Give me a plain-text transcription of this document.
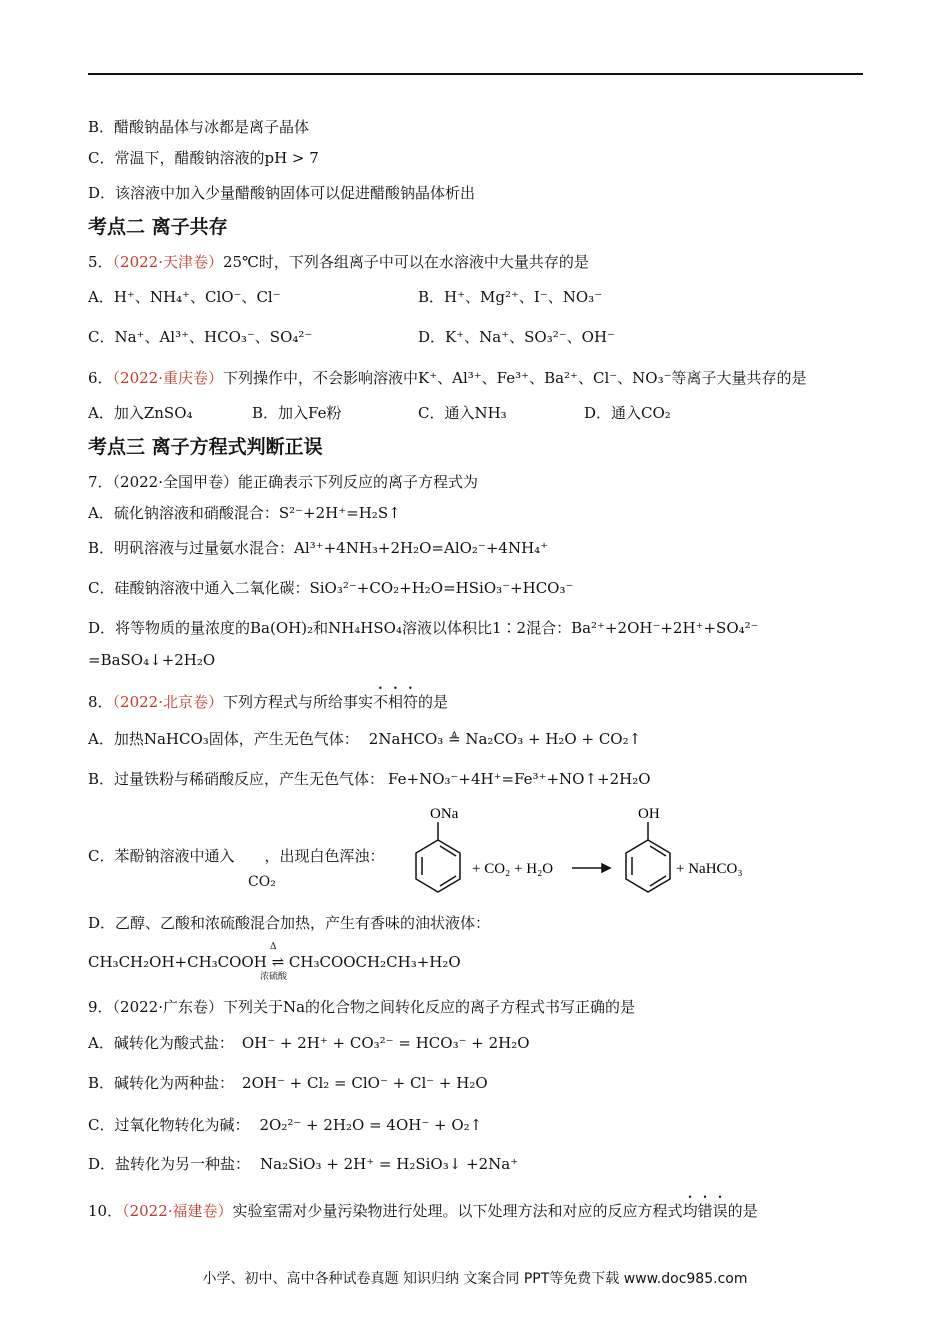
B．醋酸钠晶体与冰都是离子晶体
C．常温下，醋酸钠溶液的pH > 7
D．该溶液中加入少量醋酸钠固体可以促进醋酸钠晶体析出
考点二 离子共存
5．（2022·天津卷）25℃时，下列各组离子中可以在水溶液中大量共存的是
A．H⁺、NH₄⁺、ClO⁻、Cl⁻	B．H⁺、Mg²⁺、I⁻、NO₃⁻
C．Na⁺、Al³⁺、HCO₃⁻、SO₄²⁻	D．K⁺、Na⁺、SO₃²⁻、OH⁻
6．（2022·重庆卷）下列操作中，不会影响溶液中K⁺、Al³⁺、Fe³⁺、Ba²⁺、Cl⁻、NO₃⁻等离子大量共存的是
A．加入ZnSO₄	B．加入Fe粉	C．通入NH₃	D．通入CO₂
考点三 离子方程式判断正误
7．（2022·全国甲卷）能正确表示下列反应的离子方程式为
A．硫化钠溶液和硝酸混合：S²⁻+2H⁺=H₂S↑
B．明矾溶液与过量氨水混合：Al³⁺+4NH₃+2H₂O=AlO₂⁻+4NH₄⁺
C．硅酸钠溶液中通入二氧化碳：SiO₃²⁻+CO₂+H₂O=HSiO₃⁻+HCO₃⁻
D．将等物质的量浓度的Ba(OH)₂和NH₄HSO₄溶液以体积比1∶2混合：Ba²⁺+2OH⁻+2H⁺+SO₄²⁻
=BaSO₄↓+2H₂O
8．（2022·北京卷）下列方程式与所给事实不相符的是
A．加热NaHCO₃固体，产生无色气体： 2NaHCO₃ ≜ Na₂CO₃ + H₂O + CO₂↑
B．过量铁粉与稀硝酸反应，产生无色气体： Fe+NO₃⁻+4H⁺=Fe³⁺+NO↑+2H₂O
C．苯酚钠溶液中通入 ，出现白色浑浊：
CO₂
ONa
+ CO₂ + H₂O
OH
+ NaHCO₃
D．乙醇、乙酸和浓硫酸混合加热，产生有香味的油状液体：
CH₃CH₂OH+CH₃COOH ⇌ CH₃COOCH₂CH₃+H₂O
Δ
浓硫酸
9．（2022·广东卷）下列关于Na的化合物之间转化反应的离子方程式书写正确的是
A．碱转化为酸式盐： OH⁻ + 2H⁺ + CO₃²⁻ = HCO₃⁻ + 2H₂O
B．碱转化为两种盐： 2OH⁻ + Cl₂ = ClO⁻ + Cl⁻ + H₂O
C．过氧化物转化为碱： 2O₂²⁻ + 2H₂O = 4OH⁻ + O₂↑
D．盐转化为另一种盐： Na₂SiO₃ + 2H⁺ = H₂SiO₃↓ +2Na⁺
10．（2022·福建卷）实验室需对少量污染物进行处理。以下处理方法和对应的反应方程式均错误的是
小学、初中、高中各种试卷真题 知识归纳 文案合同 PPT等免费下载 www.doc985.com
